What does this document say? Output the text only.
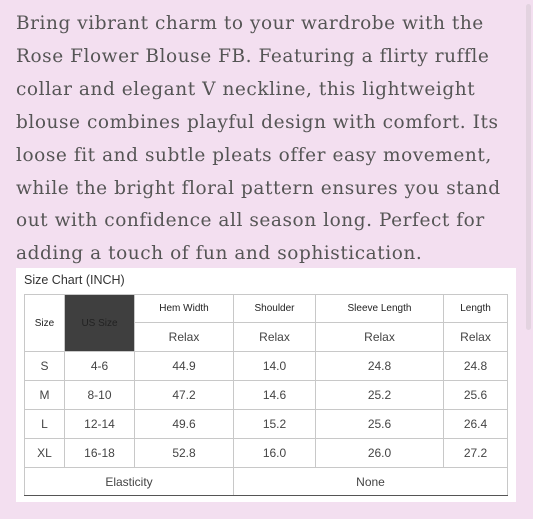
Bring vibrant charm to your wardrobe with the Rose Flower Blouse FB. Featuring a flirty ruffle collar and elegant V neckline, this lightweight blouse combines playful design with comfort. Its loose fit and subtle pleats offer easy movement, while the bright floral pattern ensures you stand out with confidence all season long. Perfect for adding a touch of fun and sophistication.

Size Chart (INCH)
Size	US Size	Hem Width	Shoulder	Sleeve Length	Length
		Relax	Relax	Relax	Relax
S	4-6	44.9	14.0	24.8	24.8
M	8-10	47.2	14.6	25.2	25.6
L	12-14	49.6	15.2	25.6	26.4
XL	16-18	52.8	16.0	26.0	27.2
Elasticity			None		
